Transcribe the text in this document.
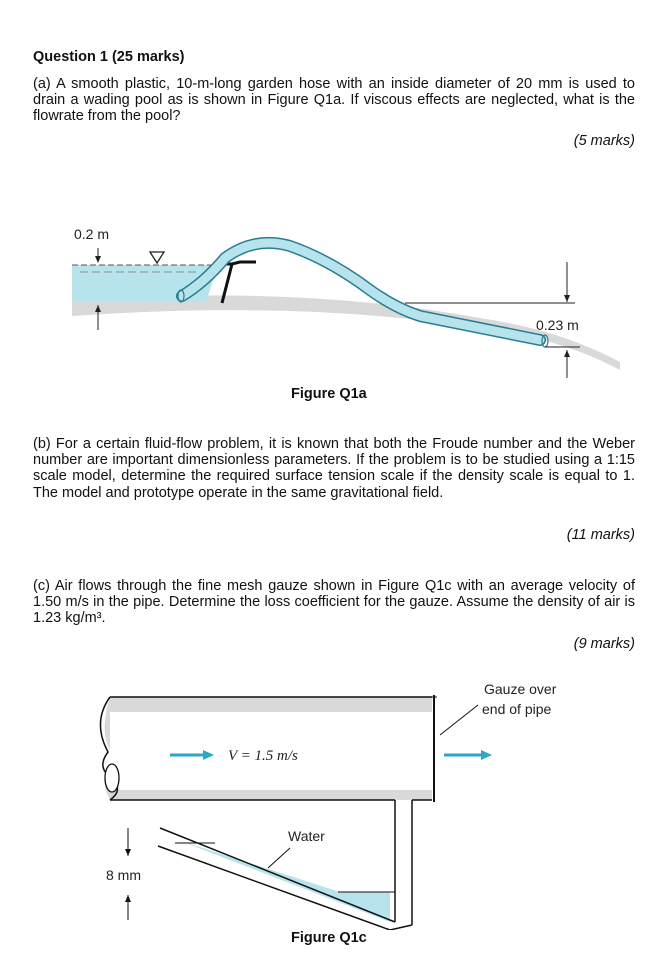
Question 1 (25 marks)
(a) A smooth plastic, 10-m-long garden hose with an inside diameter of 20 mm is used to drain a wading pool as is shown in Figure Q1a. If viscous effects are neglected, what is the flowrate from the pool?
(5 marks)
0.2 m
0.23 m
Figure Q1a
(b) For a certain fluid-flow problem, it is known that both the Froude number and the Weber number are important dimensionless parameters. If the problem is to be studied using a 1:15 scale model, determine the required surface tension scale if the density scale is equal to 1. The model and prototype operate in the same gravitational field.
(11 marks)
(c) Air flows through the fine mesh gauze shown in Figure Q1c with an average velocity of 1.50 m/s in the pipe. Determine the loss coefficient for the gauze. Assume the density of air is 1.23 kg/m³.
(9 marks)
Gauze over
end of pipe
V = 1.5 m/s
Water
8 mm
Figure Q1c
